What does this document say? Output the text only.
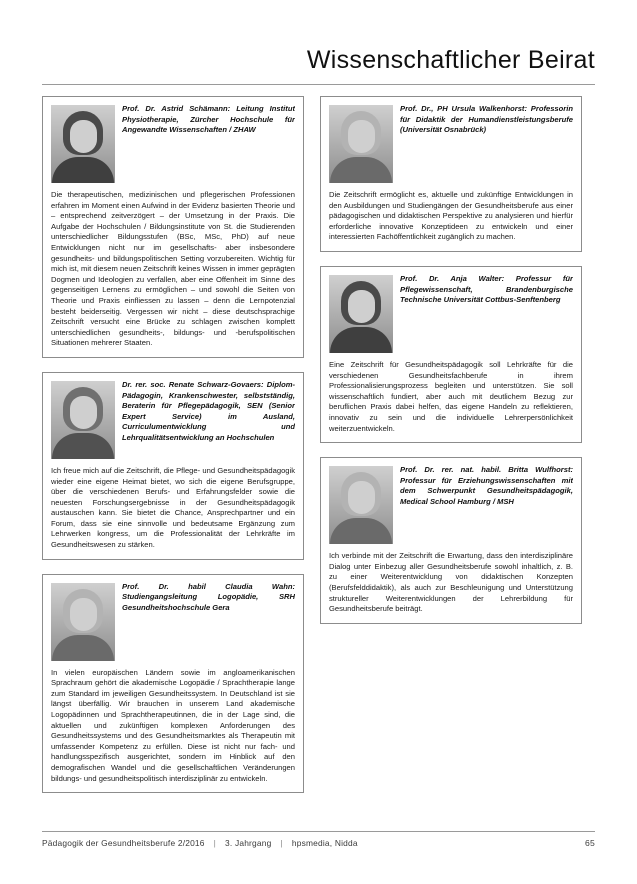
Wissenschaftlicher Beirat
Prof. Dr. Astrid Schämann: Leitung Institut Physiotherapie, Zürcher Hochschule für Angewandte Wissenschaften / ZHAW
Die therapeutischen, medizinischen und pflegerischen Professionen erfahren im Moment einen Aufwind in der Evidenz basierten Theorie und – entsprechend zeitverzögert – der Umsetzung in der Praxis. Die Aufgabe der Hochschulen / Bildungsinstitute von St. die Studierenden unterschiedlicher Bildungsstufen (BSc, MSc, PhD) auf neue Entwicklungen nicht nur im gesellschafts- aber insbesondere gesundheits- und bildungspolitischen Setting vorzubereiten. Wichtig für mich ist, mit diesem neuen Zeitschrift keines Wissen in immer geprägten Dogmen und Ideologien zu verfallen, aber eine Offenheit im Sinne des gegenseitigen Lernens zu ermöglichen – und sowohl die Seiten von Theorie und Praxis einfliessen zu lassen – denn die Lernpotenzial besteht beiderseitig. Vergessen wir nicht – diese deutschsprachige Zeitschrift versucht eine Brücke zu schlagen zwischen komplett unterschiedlichen gesundheits-, bildungs- und -berufspolitischen Situationen mehrerer Staaten.
Dr. rer. soc. Renate Schwarz-Govaers: Diplom-Pädagogin, Krankenschwester, selbstständig, Beraterin für Pflegepädagogik, SEN (Senior Expert Service) im Ausland, Curriculumentwicklung und Lehrqualitätsentwicklung an Hochschulen
Ich freue mich auf die Zeitschrift, die Pflege- und Gesundheitspädagogik wieder eine eigene Heimat bietet, wo sich die eigene Berufsgruppe, über die verschiedenen Berufs- und Erfahrungsfelder sowie die neuesten Forschungsergebnisse in der Gesundheitspädagogik austauschen kann. Sie bietet die Chance, Ansprechpartner und ein Forum, dass sie eine sinnvolle und bedeutsame Ergänzung zum Lehrwerken kongress, um die Professionalität der Lehrkräfte im Gesundheitswesen zu stärken.
Prof. Dr. habil Claudia Wahn: Studiengangsleitung Logopädie, SRH Gesundheitshochschule Gera
In vielen europäischen Ländern sowie im angloamerikanischen Sprachraum gehört die akademische Logopädie / Sprachtherapie lange zum Standard im jeweiligen Gesundheitssystem. In Deutschland ist sie längst überfällig. Wir brauchen in unserem Land akademische Logopädinnen und Sprachtherapeutinnen, die in der Lage sind, die aktuellen und zukünftigen komplexen Anforderungen des Gesundheitssystems und des Gesundheitsmarktes als Therapeutin mit umfassender Kompetenz zu erfüllen. Diese ist nicht nur fach- und handlungsspezifisch ausgerichtet, sondern im Hinblick auf den demografischen Wandel und die gesellschaftlichen Veränderungen bildungs- und gesundheitspolitisch interdisziplinär zu entwickeln.
Prof. Dr., PH Ursula Walkenhorst: Professorin für Didaktik der Humandienstleistungsberufe (Universität Osnabrück)
Die Zeitschrift ermöglicht es, aktuelle und zukünftige Entwicklungen in den Ausbildungen und Studiengängen der Gesundheitsberufe aus einer pädagogischen und didaktischen Perspektive zu analysieren und hierfür erforderliche innovative Konzeptideen zu entwickeln und einer interessierten Fachöffentlichkeit zugänglich zu machen.
Prof. Dr. Anja Walter: Professur für Pflegewissenschaft, Brandenburgische Technische Universität Cottbus-Senftenberg
Eine Zeitschrift für Gesundheitspädagogik soll Lehrkräfte für die verschiedenen Gesundheitsfachberufe in ihrem Professionalisierungsprozess begleiten und unterstützen. Sie soll wissenschaftlich fundiert, aber auch mit deutlichem Bezug zur beruflichen Praxis dabei helfen, das eigene Handeln zu reflektieren, innovativ zu sein und die individuelle Lehrerpersönlichkeit weiterzuentwickeln.
Prof. Dr. rer. nat. habil. Britta Wulfhorst: Professur für Erziehungswissenschaften mit dem Schwerpunkt Gesundheitspädagogik, Medical School Hamburg / MSH
Ich verbinde mit der Zeitschrift die Erwartung, dass den interdisziplinäre Dialog unter Einbezug aller Gesundheitsberufe sowohl inhaltlich, z. B. zu einer Weiterentwicklung von didaktischen Konzepten (Berufsfelddidaktik), als auch zur Beschleunigung und Unterstützung struktureller Weiterentwicklungen der Lehrerbildung für Gesundheitsberufe beiträgt.
Pädagogik der Gesundheitsberufe 2/2016 | 3. Jahrgang | hpsmedia, Nidda	65
